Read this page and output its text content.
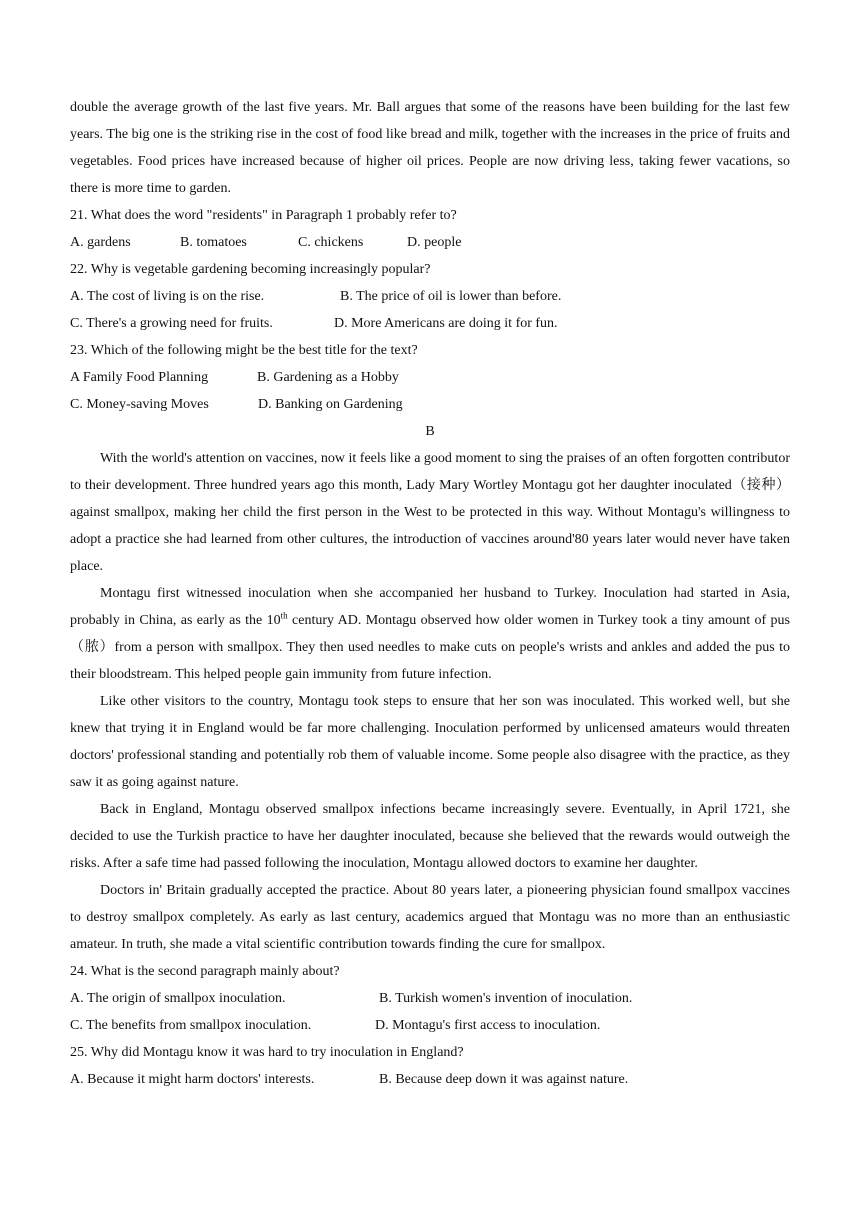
double the average growth of the last five years. Mr. Ball argues that some of the reasons have been building for the last few years. The big one is the striking rise in the cost of food like bread and milk, together with the increases in the price of fruits and vegetables. Food prices have increased because of higher oil prices. People are now driving less, taking fewer vacations, so there is more time to garden.

21. What does the word "residents" in Paragraph 1 probably refer to?
A. gardens	B. tomatoes	C. chickens	D. people
22. Why is vegetable gardening becoming increasingly popular?
A. The cost of living is on the rise.	B. The price of oil is lower than before.
C. There's a growing need for fruits.	D. More Americans are doing it for fun.
23. Which of the following might be the best title for the text?
A Family Food Planning	B. Gardening as a Hobby
C. Money-saving Moves	D. Banking on Gardening
B

With the world's attention on vaccines, now it feels like a good moment to sing the praises of an often forgotten contributor to their development. Three hundred years ago this month, Lady Mary Wortley Montagu got her daughter inoculated（接种）against smallpox, making her child the first person in the West to be protected in this way. Without Montagu's willingness to adopt a practice she had learned from other cultures, the introduction of vaccines around'80 years later would never have taken place.

Montagu first witnessed inoculation when she accompanied her husband to Turkey. Inoculation had started in Asia, probably in China, as early as the 10th century AD. Montagu observed how older women in Turkey took a tiny amount of pus（脓）from a person with smallpox. They then used needles to make cuts on people's wrists and ankles and added the pus to their bloodstream. This helped people gain immunity from future infection.

Like other visitors to the country, Montagu took steps to ensure that her son was inoculated. This worked well, but she knew that trying it in England would be far more challenging. Inoculation performed by unlicensed amateurs would threaten doctors' professional standing and potentially rob them of valuable income. Some people also disagree with the practice, as they saw it as going against nature.

Back in England, Montagu observed smallpox infections became increasingly severe. Eventually, in April 1721, she decided to use the Turkish practice to have her daughter inoculated, because she believed that the rewards would outweigh the risks. After a safe time had passed following the inoculation, Montagu allowed doctors to examine her daughter.

Doctors in' Britain gradually accepted the practice. About 80 years later, a pioneering physician found smallpox vaccines to destroy smallpox completely. As early as last century, academics argued that Montagu was no more than an enthusiastic amateur. In truth, she made a vital scientific contribution towards finding the cure for smallpox.

24. What is the second paragraph mainly about?
A. The origin of smallpox inoculation.	B. Turkish women's invention of inoculation.
C. The benefits from smallpox inoculation.	D. Montagu's first access to inoculation.
25. Why did Montagu know it was hard to try inoculation in England?
A. Because it might harm doctors' interests.	B. Because deep down it was against nature.
